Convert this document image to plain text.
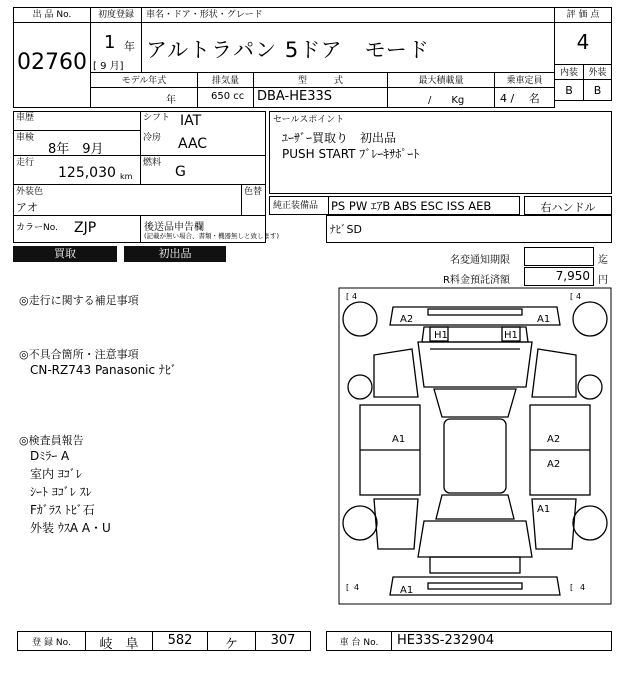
出 品 No.
02760
初度登録
1 年
[ 9 月]
車名・ドア・形状・グレード
アルトラパン 5ドア　モード
評 価 点
4
内装	外装
B	B
モデル年式	排気量	型　　　式	最大積載量	乗車定員
年	650 cc DBA-HE33S	/　　Kg	4 /　 名
車歴	シフト IAT
車検
8年　9月
冷房 AAC
走行
125,030 km
燃料
G
外装色
アオ
色替
カラーNo. ZJP	後送品申告欄
(記載が無い場合、書類・機器無しと致します)
セールスポイント
ﾕｰｻﾞｰ買取り　初出品
PUSH START ﾌﾞﾚｰｷｻﾎﾟｰﾄ
純正装備品 PS PW ｴｱB ABS ESC ISS AEB	右ハンドル
ﾅﾋﾞSD
買取	初出品
名変通知期限	迄
R料金預託済額	7,950 円
◎走行に関する補足事項
◎不具合箇所・注意事項
CN-RZ743 Panasonic ﾅﾋﾞ
◎検査員報告
Dﾐﾗｰ A
室内 ﾖｺﾞﾚ
ｼｰﾄ ﾖｺﾞﾚ ｽﾚ
Fｶﾞﾗｽ ﾄﾋﾞ石
外装 ｳｽA A・U
[ 4	[ 4
[ 4	[ 4
A2	A1
H1	H1
A1	A2
A2
A1
A1
登 録 No.	岐　阜	582	ケ	307	車 台 No.	HE33S-232904
